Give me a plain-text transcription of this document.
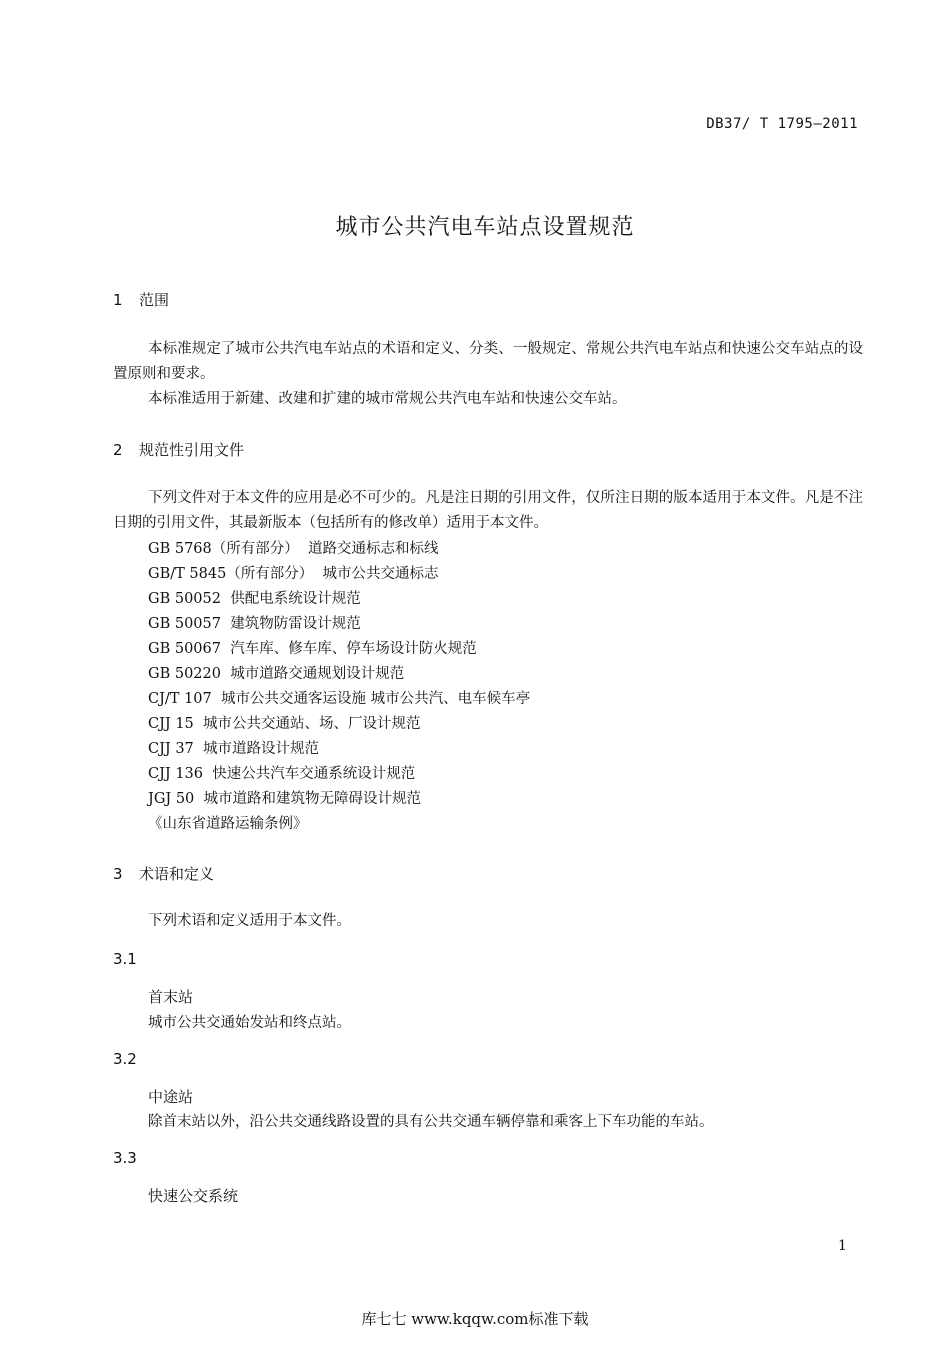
DB37/ T 1795—2011
城市公共汽电车站点设置规范
1 范围

本标准规定了城市公共汽电车站点的术语和定义、分类、一般规定、常规公共汽电车站点和快速公交车站点的设置原则和要求。

本标准适用于新建、改建和扩建的城市常规公共汽电车站和快速公交车站。

2 规范性引用文件

下列文件对于本文件的应用是必不可少的。凡是注日期的引用文件，仅所注日期的版本适用于本文件。凡是不注日期的引用文件，其最新版本（包括所有的修改单）适用于本文件。

GB 5768（所有部分）  道路交通标志和标线
GB/T 5845（所有部分）  城市公共交通标志
GB 50052  供配电系统设计规范
GB 50057  建筑物防雷设计规范
GB 50067  汽车库、修车库、停车场设计防火规范
GB 50220  城市道路交通规划设计规范
CJ/T 107  城市公共交通客运设施 城市公共汽、电车候车亭
CJJ 15  城市公共交通站、场、厂设计规范
CJJ 37  城市道路设计规范
CJJ 136  快速公共汽车交通系统设计规范
JGJ 50  城市道路和建筑物无障碍设计规范
《山东省道路运输条例》
3 术语和定义

下列术语和定义适用于本文件。

3.1
首末站
城市公共交通始发站和终点站。
3.2
中途站
除首末站以外，沿公共交通线路设置的具有公共交通车辆停靠和乘客上下车功能的车站。
3.3
快速公交系统
1
库七七 www.kqqw.com标准下载
